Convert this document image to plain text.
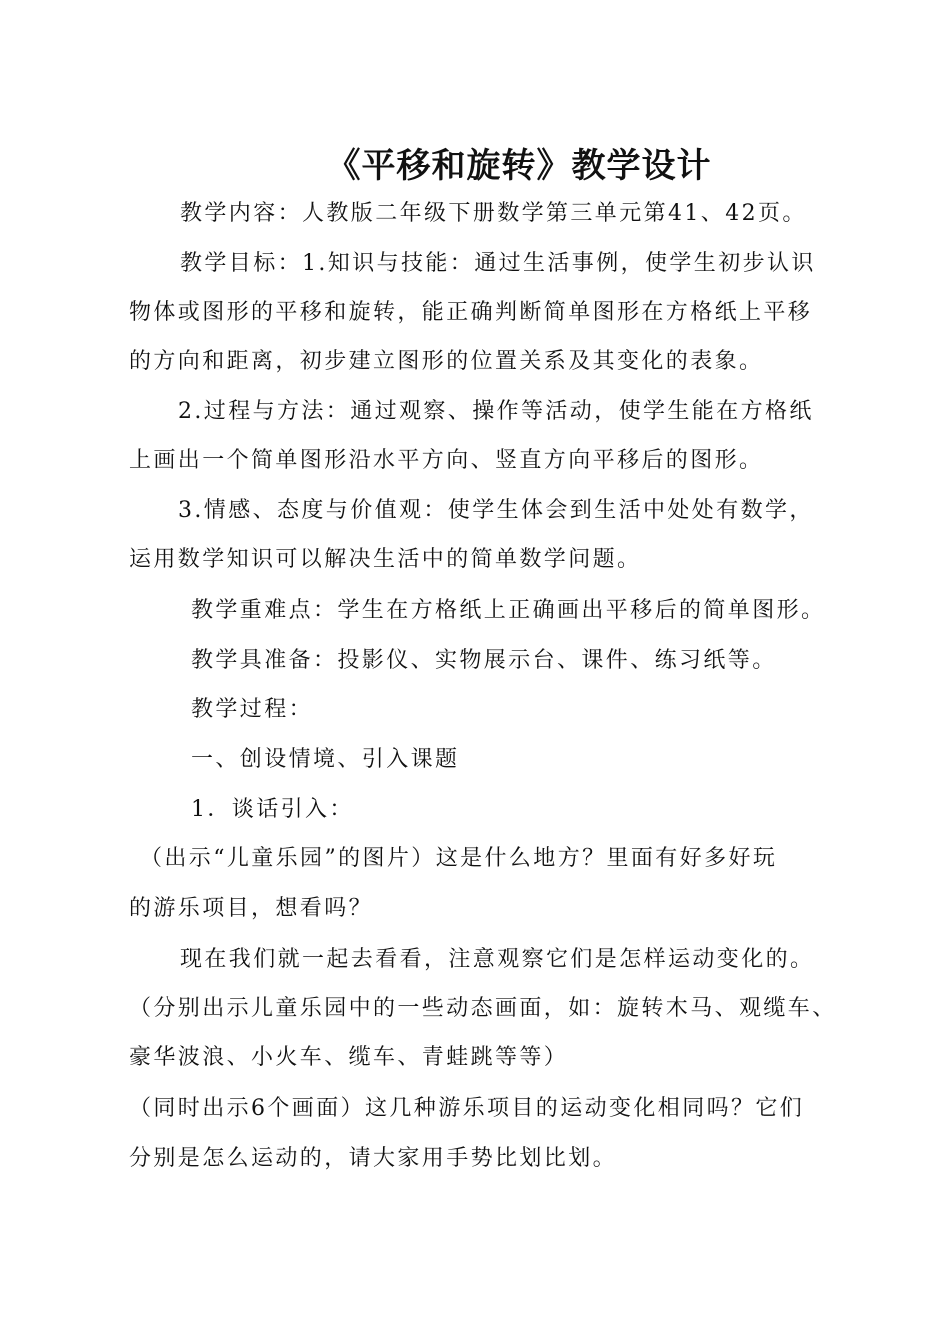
《平移和旋转》教学设计
教学内容：人教版二年级下册数学第三单元第41、42页。
教学目标：1.知识与技能：通过生活事例，使学生初步认识
物体或图形的平移和旋转，能正确判断简单图形在方格纸上平移
的方向和距离，初步建立图形的位置关系及其变化的表象。
2.过程与方法：通过观察、操作等活动，使学生能在方格纸
上画出一个简单图形沿水平方向、竖直方向平移后的图形。
3.情感、态度与价值观：使学生体会到生活中处处有数学，
运用数学知识可以解决生活中的简单数学问题。
教学重难点：学生在方格纸上正确画出平移后的简单图形。
教学具准备：投影仪、实物展示台、课件、练习纸等。
教学过程：
一、创设情境、引入课题
1．谈话引入：
（出示“儿童乐园”的图片）这是什么地方？里面有好多好玩
的游乐项目，想看吗？
现在我们就一起去看看，注意观察它们是怎样运动变化的。
（分别出示儿童乐园中的一些动态画面，如：旋转木马、观缆车、
豪华波浪、小火车、缆车、青蛙跳等等）
（同时出示6个画面）这几种游乐项目的运动变化相同吗？它们
分别是怎么运动的，请大家用手势比划比划。
